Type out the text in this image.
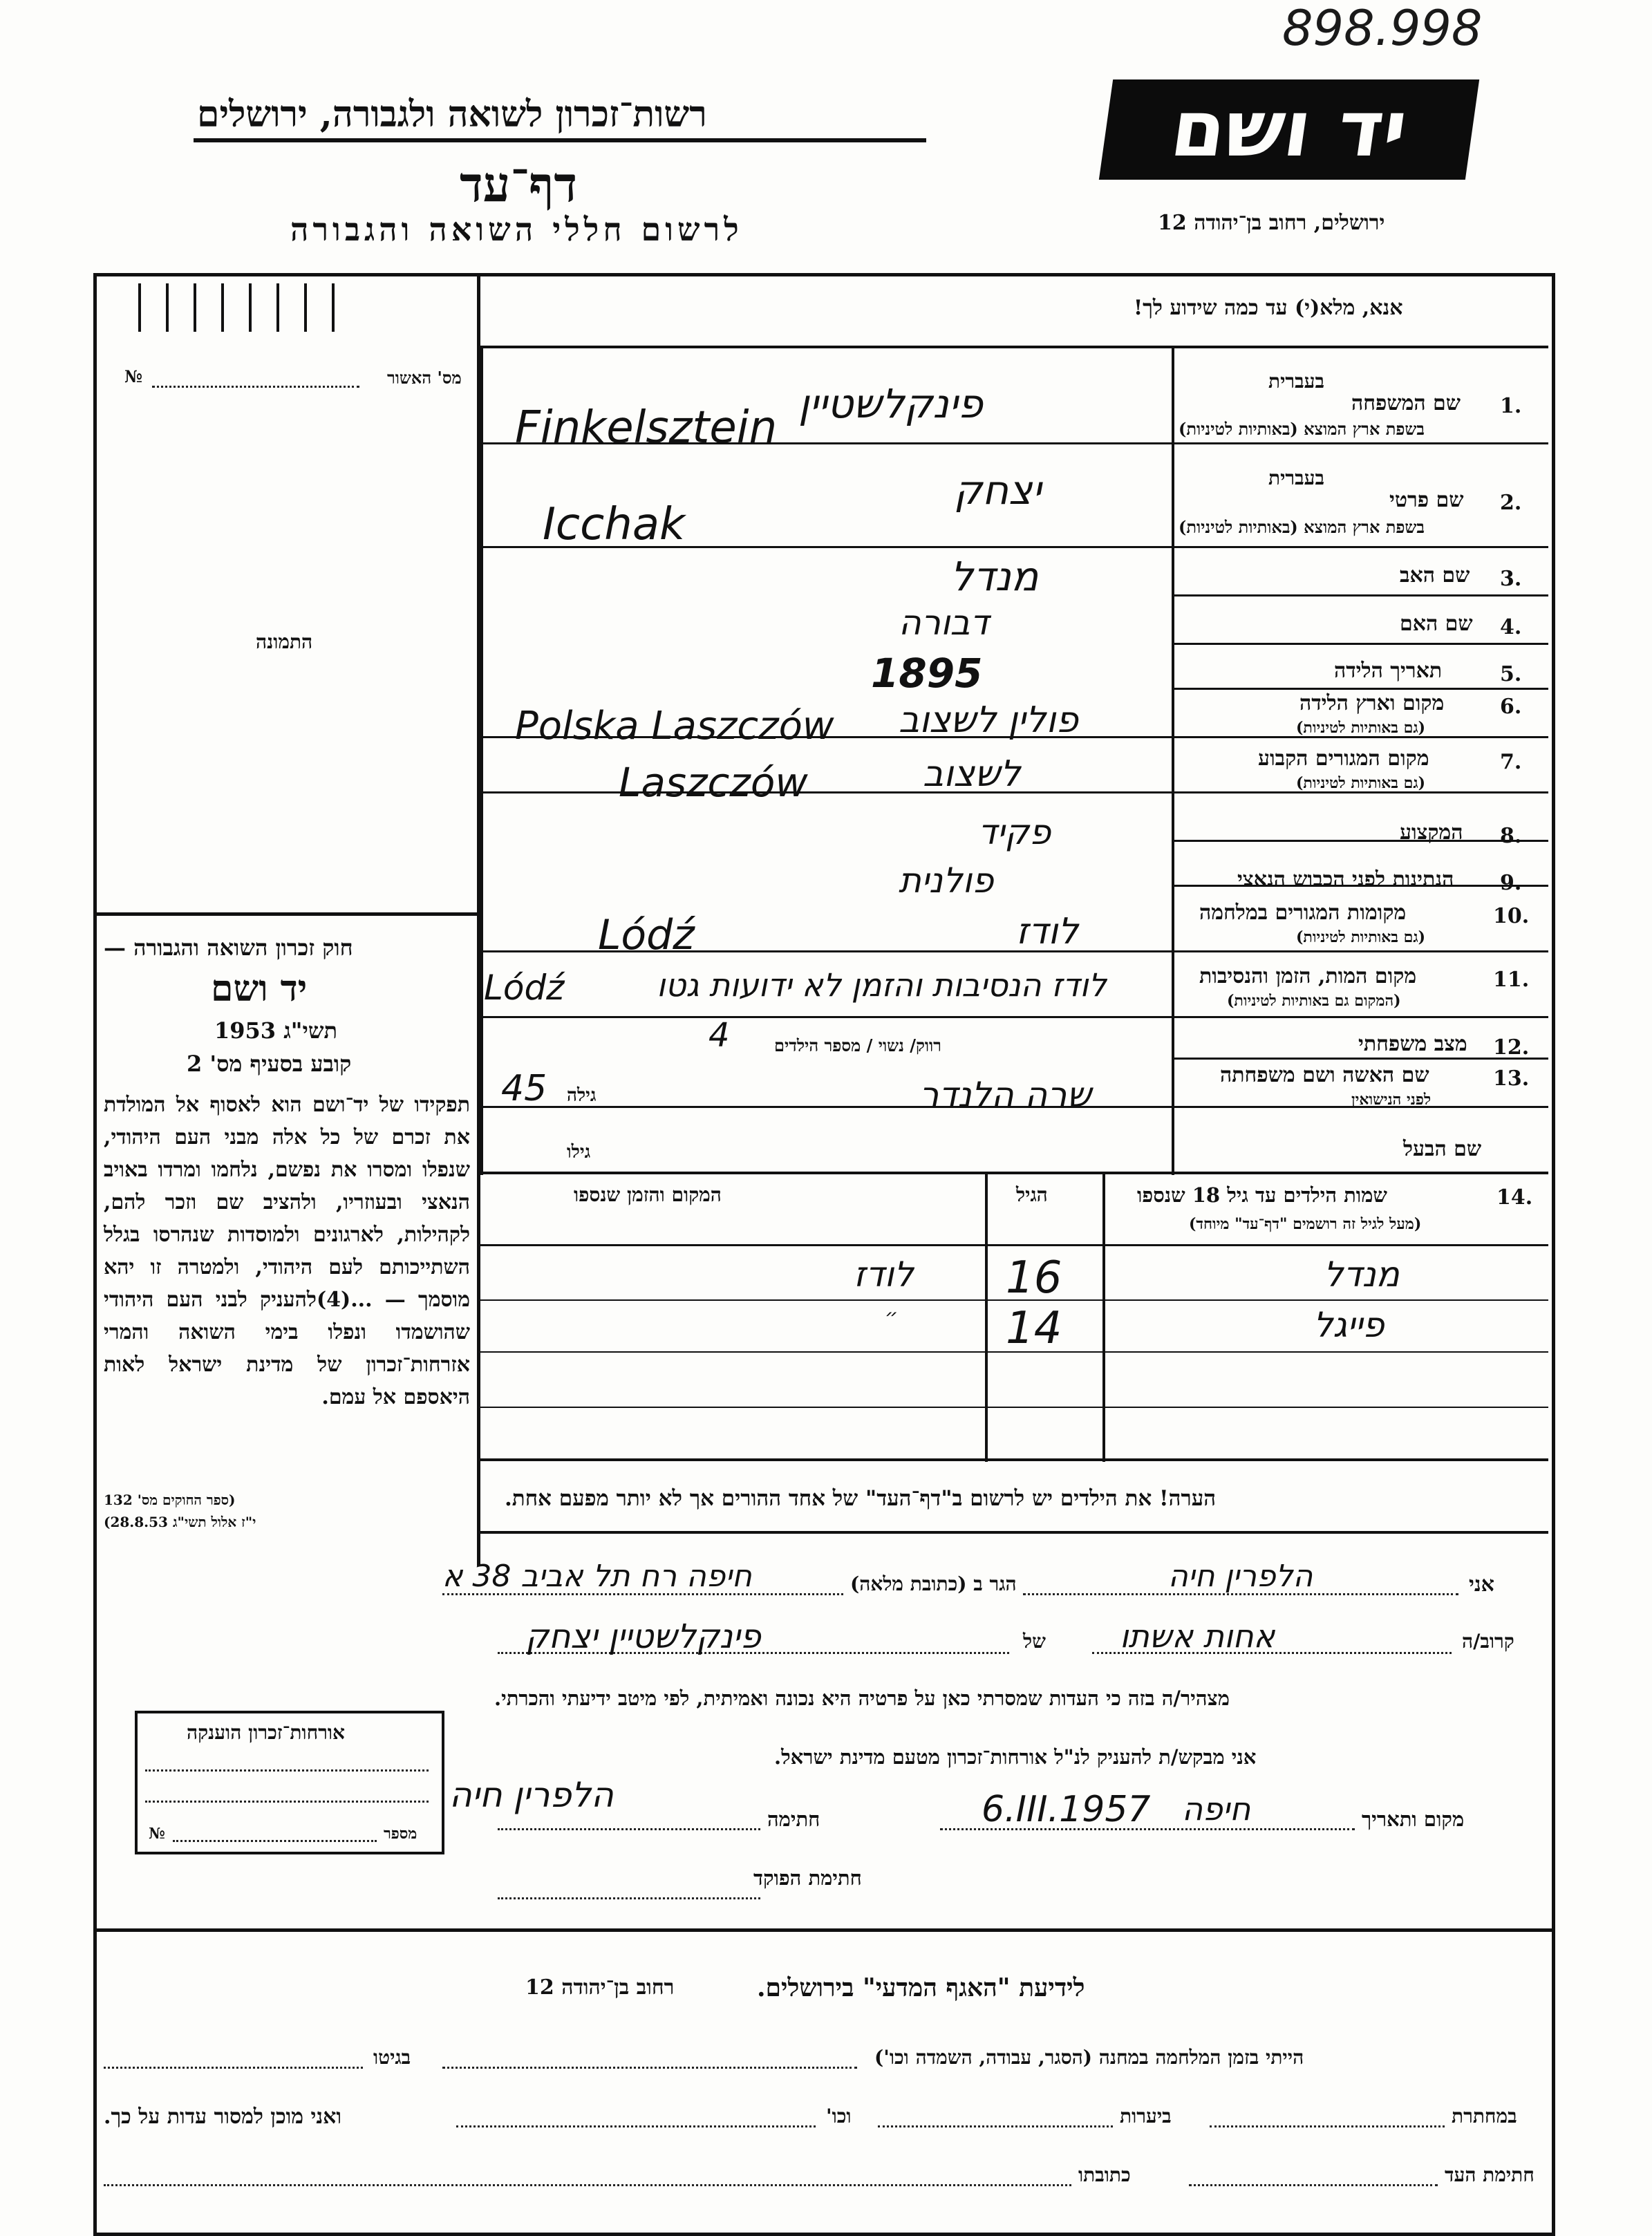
898.998
רשות־זכרון לשואה ולגבורה, ירושלים
דף־עד
לרשום חללי השואה והגבורה
יד ושם
ירושלים, רחוב בן־יהודה 12
№	מס' האשור
התמונה
חוק זכרון השואה והגבורה —
יד ושם
תשי"ג 1953
קובע בסעיף מס' 2
תפקידו של יד־ושם הוא לאסוף אל המולדת את זכרם של כל אלה מבני העם היהודי, שנפלו ומסרו את נפשם, נלחמו ומרדו באויב הנאצי ובעוזריו, ולהציב שם וזכר להם, לקהילות, לארגונים ולמוסדות שנהרסו בגלל השתייכותם לעם היהודי, ולמטרה זו יהא מוסמך — ...(4)להעניק לבני העם היהודי שהושמדו ונפלו בימי השואה והמרי אזרחות־זכרון של מדינת ישראל לאות היאספם אל עמם.
(ספר החוקים מס' 132
י"ז אלול תשי"ג 28.8.53)
אנא, מלא(י) עד כמה שידוע לך!
בעברית
1.
שם המשפחה
בשפת ארץ המוצא (באותיות לטיניות)
בעברית
2.
שם פרטי
בשפת ארץ המוצא (באותיות לטיניות)
3.
שם האב
4.
שם האם
5.
תאריך הלידה
6.
מקום וארץ הלידה
(גם באותיות לטיניות)
7.
מקום המגורים הקבוע
(גם באותיות לטיניות)
8.
המקצוע
9.
הנתינות לפני הכבוש הנאצי
10.
מקומות המגורים במלחמה
(גם באותיות לטיניות)
11.
מקום המות, הזמן והנסיבות
(המקום גם באותיות לטיניות)
12.
מצב משפחתי
רווק/ נשוי / מספר הילדים
13.
שם האשה ושם משפחתה
לפני הנישואין
גילה
שם הבעל
גילו
פינקלשטיין
Finkelsztein
יצחק
Icchak
מנדל
דבורה
1895
פולין לשצוב
Polska Laszczów
לשצוב
Laszczów
פקיד
פולנית
לודז
Lódź
לודז הנסיבות והזמן לא ידועות גטו
Lódź
4
שרה הלנדר
45
14.
שמות הילדים עד גיל 18 שנספו
(מעל לגיל זה רושמים "דף־עד" מיוחד)
הגיל
המקום והזמן שנספו
מנדל
16
לודז
פייגל
14
״
הערה! את הילדים יש לרשום ב"דף־העד" של אחד ההורים אך לא יותר מפעם אחת.
אני
הלפרין חיה
הגר ב (כתובת מלאה)
חיפה רח תל אביב 38 א
קרוב/ה
אחות אשתו
של
פינקלשטיין יצחק
מצהיר/ה בזה כי העדות שמסרתי כאן על פרטיה היא נכונה ואמיתית, לפי מיטב ידיעתי והכרתי.
אני מבקש/ת להעניק לנ"ל אורחות־זכרון מטעם מדינת ישראל.
מקום ותאריך
חיפה
6.III.1957
חתימה
הלפרין חיה
חתימת הפוקד
אורחות־זכרון הוענקה
№	מספר
לידיעת "האגף המדעי" בירושלים.
רחוב בן־יהודה 12
הייתי בזמן המלחמה במחנה (הסגר, עבודה, השמדה וכו')
בגיטו
במחתרת
ביערות
וכו'
ואני מוכן למסור עדות על כך.
חתימת העד
כתובתו
